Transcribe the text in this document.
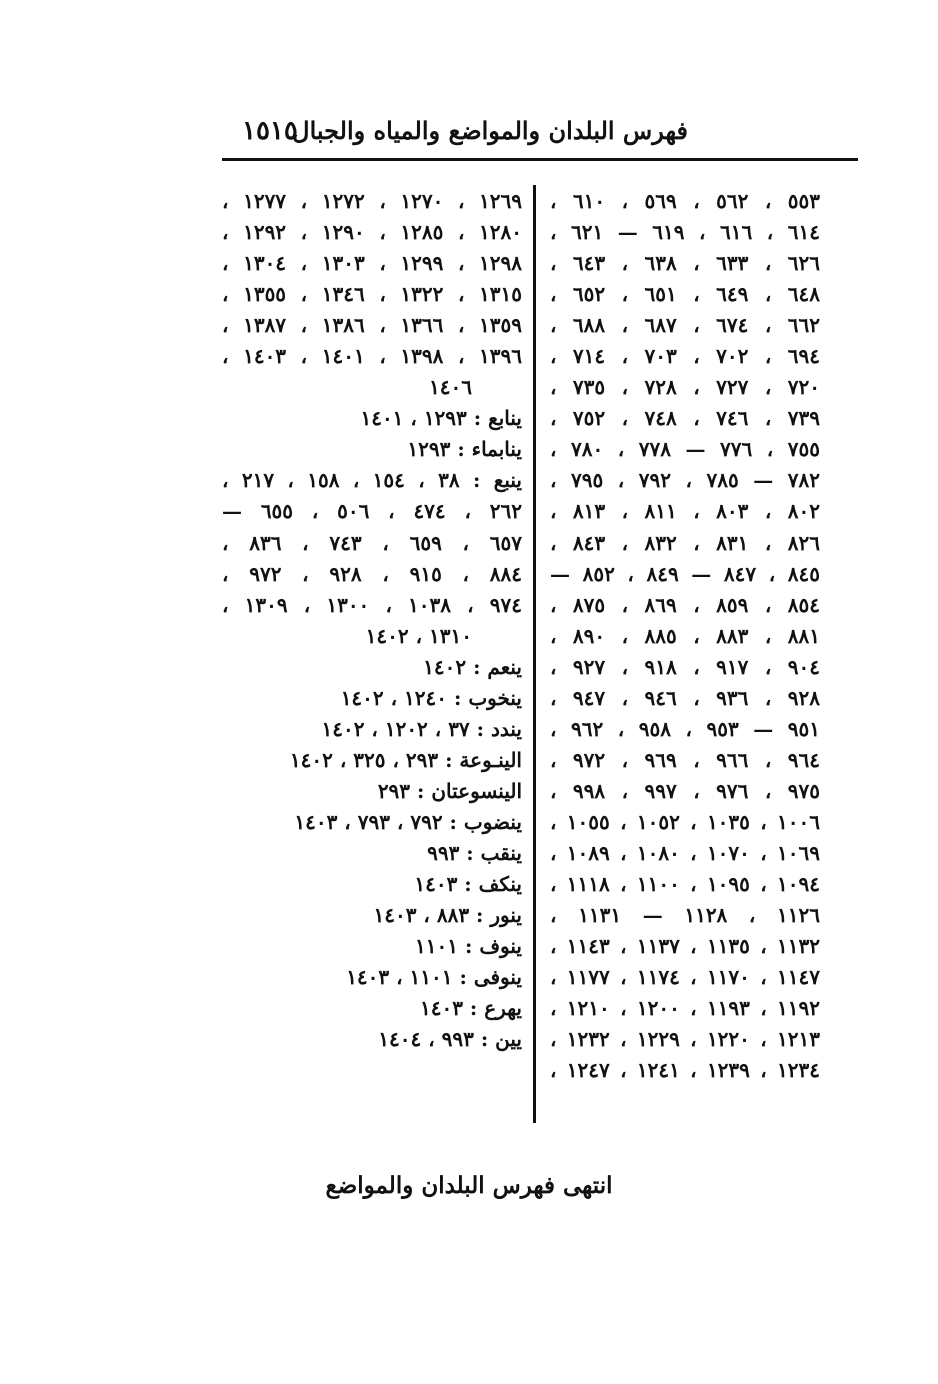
فهرس البلدان والمواضع والمياه والجبال
١٥١٥
٥٥٣ ، ٥٦٢ ، ٥٦٩ ، ٦١٠ ،
٦١٤ ، ٦١٦ ، ٦١٩ — ٦٢١ ،
٦٢٦ ، ٦٣٣ ، ٦٣٨ ، ٦٤٣ ،
٦٤٨ ، ٦٤٩ ، ٦٥١ ، ٦٥٢ ،
٦٦٢ ، ٦٧٤ ، ٦٨٧ ، ٦٨٨ ،
٦٩٤ ، ٧٠٢ ، ٧٠٣ ، ٧١٤ ،
٧٢٠ ، ٧٢٧ ، ٧٢٨ ، ٧٣٥ ،
٧٣٩ ، ٧٤٦ ، ٧٤٨ ، ٧٥٢ ،
٧٥٥ ، ٧٧٦ — ٧٧٨ ، ٧٨٠ ،
٧٨٢ — ٧٨٥ ، ٧٩٢ ، ٧٩٥ ،
٨٠٢ ، ٨٠٣ ، ٨١١ ، ٨١٣ ،
٨٢٦ ، ٨٣١ ، ٨٣٢ ، ٨٤٣ ،
٨٤٥ ، ٨٤٧ — ٨٤٩ ، ٨٥٢ —
٨٥٤ ، ٨٥٩ ، ٨٦٩ ، ٨٧٥ ،
٨٨١ ، ٨٨٣ ، ٨٨٥ ، ٨٩٠ ،
٩٠٤ ، ٩١٧ ، ٩١٨ ، ٩٢٧ ،
٩٢٨ ، ٩٣٦ ، ٩٤٦ ، ٩٤٧ ،
٩٥١ — ٩٥٣ ، ٩٥٨ ، ٩٦٢ ،
٩٦٤ ، ٩٦٦ ، ٩٦٩ ، ٩٧٢ ،
٩٧٥ ، ٩٧٦ ، ٩٩٧ ، ٩٩٨ ،
١٠٠٦ ، ١٠٣٥ ، ١٠٥٢ ، ١٠٥٥ ،
١٠٦٩ ، ١٠٧٠ ، ١٠٨٠ ، ١٠٨٩ ،
١٠٩٤ ، ١٠٩٥ ، ١١٠٠ ، ١١١٨ ،
١١٢٦ ، ١١٢٨ — ١١٣١ ،
١١٣٢ ، ١١٣٥ ، ١١٣٧ ، ١١٤٣ ،
١١٤٧ ، ١١٧٠ ، ١١٧٤ ، ١١٧٧ ،
١١٩٢ ، ١١٩٣ ، ١٢٠٠ ، ١٢١٠ ،
١٢١٣ ، ١٢٢٠ ، ١٢٢٩ ، ١٢٣٢ ،
١٢٣٤ ، ١٢٣٩ ، ١٢٤١ ، ١٢٤٧ ،
١٢٦٩ ، ١٢٧٠ ، ١٢٧٢ ، ١٢٧٧ ،
١٢٨٠ ، ١٢٨٥ ، ١٢٩٠ ، ١٢٩٢ ،
١٢٩٨ ، ١٢٩٩ ، ١٣٠٣ ، ١٣٠٤ ،
١٣١٥ ، ١٣٢٢ ، ١٣٤٦ ، ١٣٥٥ ،
١٣٥٩ ، ١٣٦٦ ، ١٣٨٦ ، ١٣٨٧ ،
١٣٩٦ ، ١٣٩٨ ، ١٤٠١ ، ١٤٠٣ ،
١٤٠٦
ينابع : ١٢٩٣ ، ١٤٠١
ينابماء : ١٢٩٣
ينبع : ٣٨ ، ١٥٤ ، ١٥٨ ، ٢١٧ ،
٢٦٢ ، ٤٧٤ ، ٥٠٦ ، ٦٥٥ —
٦٥٧ ، ٦٥٩ ، ٧٤٣ ، ٨٣٦ ،
٨٨٤ ، ٩١٥ ، ٩٢٨ ، ٩٧٢ ،
٩٧٤ ، ١٠٣٨ ، ١٣٠٠ ، ١٣٠٩ ،
١٣١٠ ، ١٤٠٢
ينعم : ١٤٠٢
ينخوب : ١٢٤٠ ، ١٤٠٢
يندد : ٣٧ ، ١٢٠٢ ، ١٤٠٢
الينـوعة : ٢٩٣ ، ٣٢٥ ، ١٤٠٢
الينسوعتان : ٢٩٣
ينضوب : ٧٩٢ ، ٧٩٣ ، ١٤٠٣
ينقب : ٩٩٣
ينكف : ١٤٠٣
ينور : ٨٨٣ ، ١٤٠٣
ينوف : ١١٠١
ينوفى : ١١٠١ ، ١٤٠٣
يهرع : ١٤٠٣
يين : ٩٩٣ ، ١٤٠٤
انتهى فهرس البلدان والمواضع
